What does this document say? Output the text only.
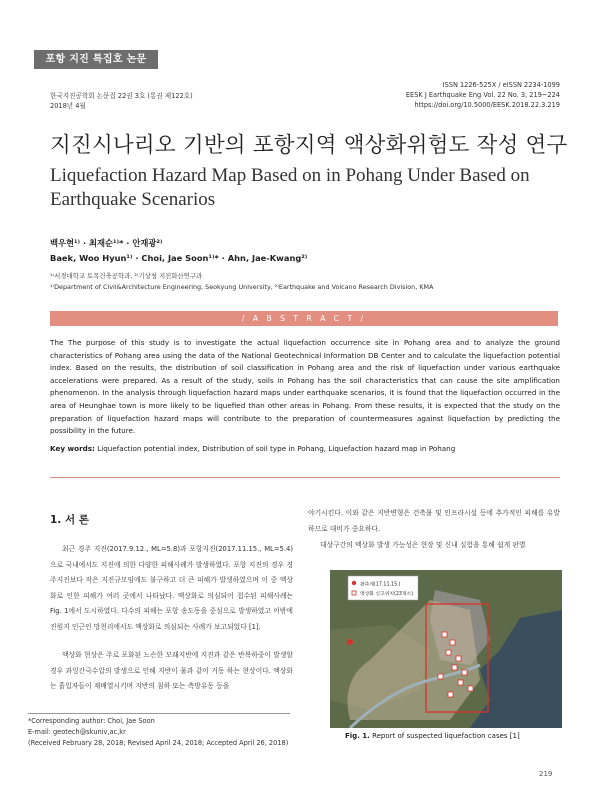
포항 지진 특집호 논문
한국지진공학회 논문집 22권 3호 (통권 제122호)
2018년 4월
ISSN 1226-525X / eISSN 2234-1099
EESK J Earthquake Eng Vol. 22 No. 3, 219~224
https://doi.org/10.5000/EESK.2018.22.3.219
지진시나리오 기반의 포항지역 액상화위험도 작성 연구
Liquefaction Hazard Map Based on in Pohang Under Based on
Earthquake Scenarios
백우현¹⁾ · 최재순¹⁾* · 안재광²⁾
Baek, Woo Hyun¹⁾ · Choi, Jae Soon¹⁾* · Ahn, Jae-Kwang²⁾
¹⁾서경대학교 토목건축공학과, ²⁾기상청 지진화산연구과
¹⁾Department of Civil&Architecture Engineering, Seokyung University, ²⁾Earthquake and Volcano Research Division, KMA
/ A B S T R A C T /
The The purpose of this study is to investigate the actual liquefaction occurrence site in Pohang area and to analyze the ground characteristics of Pohang area using the data of the National Geotechnical Information DB Center and to calculate the liquefaction potential index. Based on the results, the distribution of soil classification in Pohang area and the risk of liquefaction under various earthquake accelerations were prepared. As a result of the study, soils in Pohang has the soil characteristics that can cause the site amplification phenomenon. In the analysis through liquefaction hazard maps under earthquake scenarios, it is found that the liquefaction occurred in the area of Heunghae town is more likely to be liquefied than other areas in Pohang. From these results, it is expected that the study on the preparation of liquefaction hazard maps will contribute to the preparation of countermeasures against liquefaction by predicting the possibility in the future.
Key words: Liquefaction potential index, Distribution of soil type in Pohang, Liquefaction hazard map in Pohang
1. 서 론
최근 경주 지진(2017.9.12., ML=5.8)과 포항지진(2017.11.15., ML=5.4)으로 국내에서도 지진에 의한 다양한 피해사례가 발생하였다. 포항 지진의 경우 경주지진보다 작은 지진규모임에도 불구하고 더 큰 피해가 발생하였으며 이 중 액상화로 인한 피해가 여러 곳에서 나타났다. 액상화로 의심되어 접수된 피해사례는 Fig. 1에서 도시하였다. 다수의 피해는 포항 송도동을 중심으로 발생하였고 이밖에 진원지 인근인 망천리에서도 액상화로 의심되는 사례가 보고되었다 [1].
액상화 현상은 주로 포화된 느슨한 모래지반에 지진과 같은 반복하중이 발생할 경우 과잉간극수압의 발생으로 인해 지반이 물과 같이 거동 하는 현상이다. 액상화는 흙입자들이 재배열시키며 지반의 침하 또는 측방유동 등을
야기시킨다. 이와 같은 지반변형은 건축물 및 인프라시설 등에 추가적인 피해를 유발하므로 대비가 중요하다.
대상구간의 액상화 발생 가능성은 현장 및 신내 실험을 통해 쉽게 판별
관측계(17.11.15.)
액상화 신고위치(23개소)
Fig. 1. Report of suspected liquefaction cases [1]
*Corresponding author: Choi, Jae Soon
E-mail: geotech@skuniv,ac,kr
(Received February 28, 2018; Revised April 24, 2018; Accepted April 26, 2018)
219
